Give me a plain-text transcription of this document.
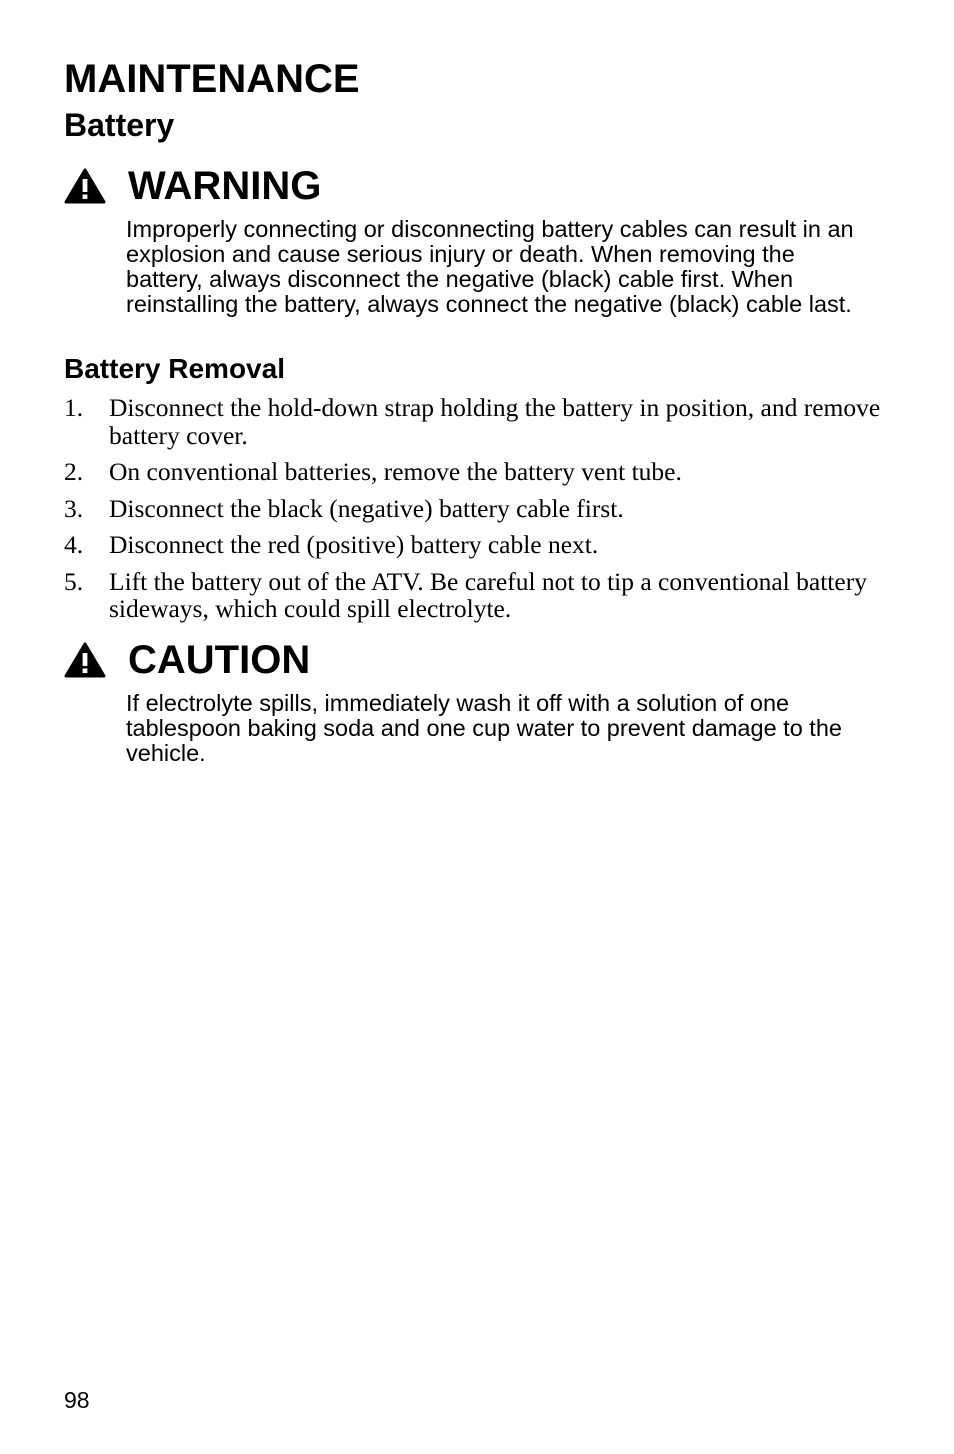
MAINTENANCE
Battery
WARNING

Improperly connecting or disconnecting battery cables can result in an explosion and cause serious injury or death. When removing the battery, always disconnect the negative (black) cable first. When reinstalling the battery, always connect the negative (black) cable last.

Battery Removal
1.	Disconnect the hold-down strap holding the battery in position, and remove battery cover.
2.	On conventional batteries, remove the battery vent tube.
3.	Disconnect the black (negative) battery cable first.
4.	Disconnect the red (positive) battery cable next.
5.	Lift the battery out of the ATV. Be careful not to tip a conventional battery sideways, which could spill electrolyte.
CAUTION

If electrolyte spills, immediately wash it off with a solution of one tablespoon baking soda and one cup water to prevent damage to the vehicle.

98
